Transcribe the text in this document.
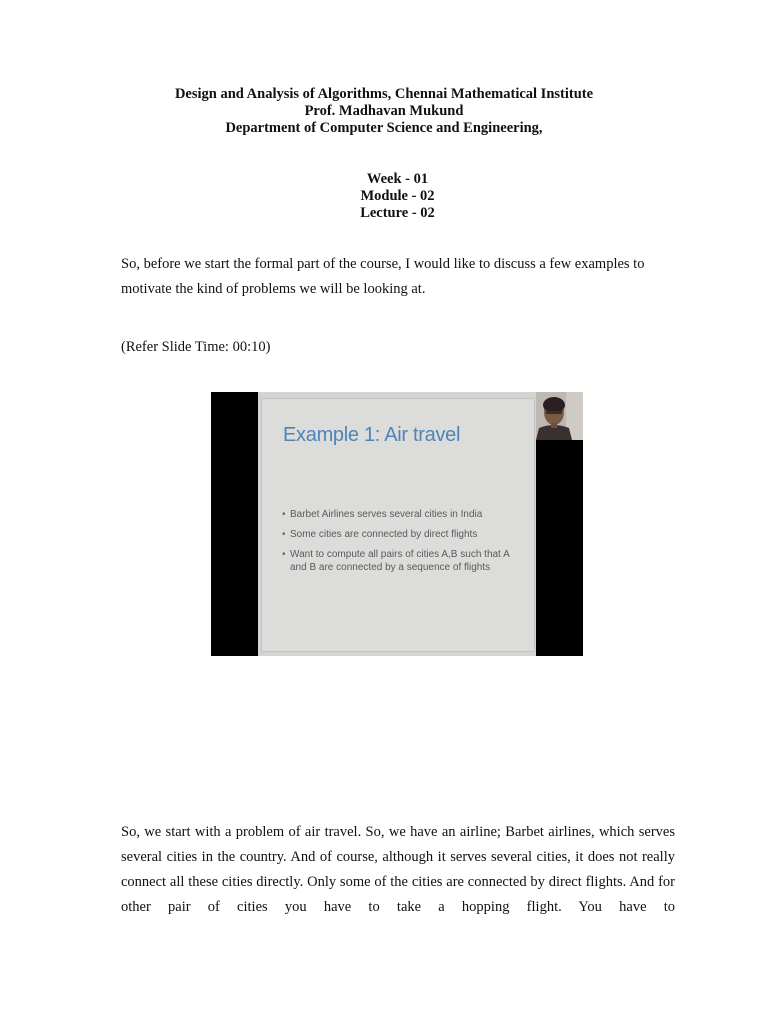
Design and Analysis of Algorithms, Chennai Mathematical Institute
Prof. Madhavan Mukund
Department of Computer Science and Engineering,
Week - 01
Module - 02
Lecture - 02

So, before we start the formal part of the course, I would like to discuss a few examples to motivate the kind of problems we will be looking at.

(Refer Slide Time: 00:10)

Example 1: Air travel
• Barbet Airlines serves several cities in India
• Some cities are connected by direct flights
• Want to compute all pairs of cities A,B such that A and B are connected by a sequence of flights

So, we start with a problem of air travel. So, we have an airline; Barbet airlines, which serves several cities in the country. And of course, although it serves several cities, it does not really connect all these cities directly. Only some of the cities are connected by direct flights. And for other pair of cities you have to take a hopping flight. You have to
